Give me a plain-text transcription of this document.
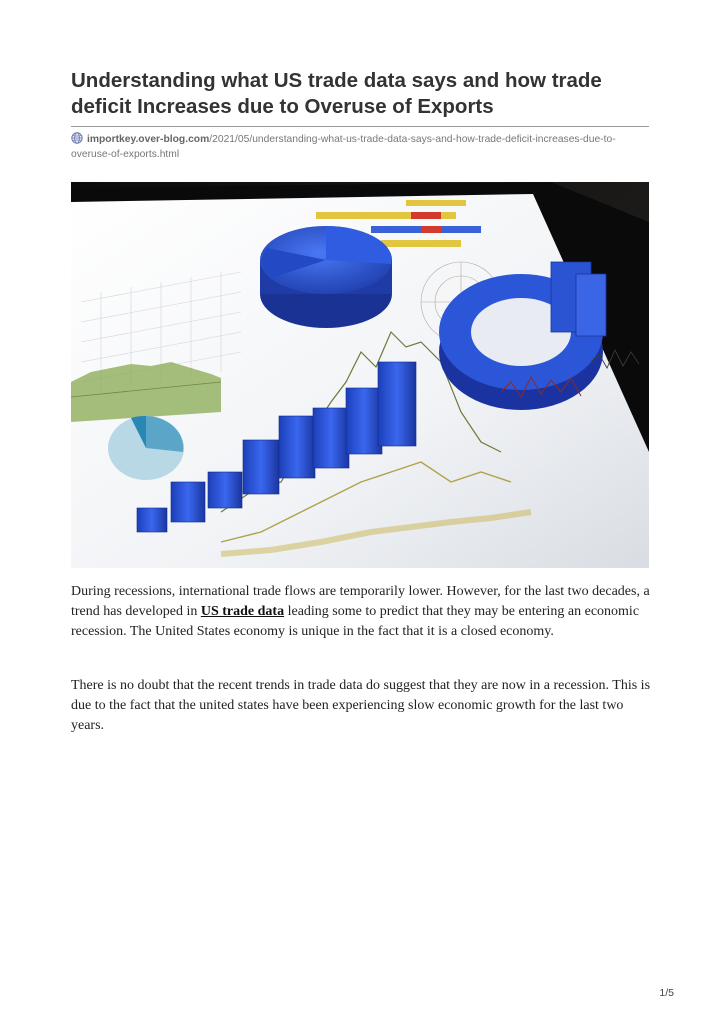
Understanding what US trade data says and how trade deficit Increases due to Overuse of Exports
importkey.over-blog.com/2021/05/understanding-what-us-trade-data-says-and-how-trade-deficit-increases-due-to-overuse-of-exports.html

During recessions, international trade flows are temporarily lower. However, for the last two decades, a trend has developed in US trade data leading some to predict that they may be entering an economic recession. The United States economy is unique in the fact that it is a closed economy.

There is no doubt that the recent trends in trade data do suggest that they are now in a recession. This is due to the fact that the united states have been experiencing slow economic growth for the last two years.

1/5
